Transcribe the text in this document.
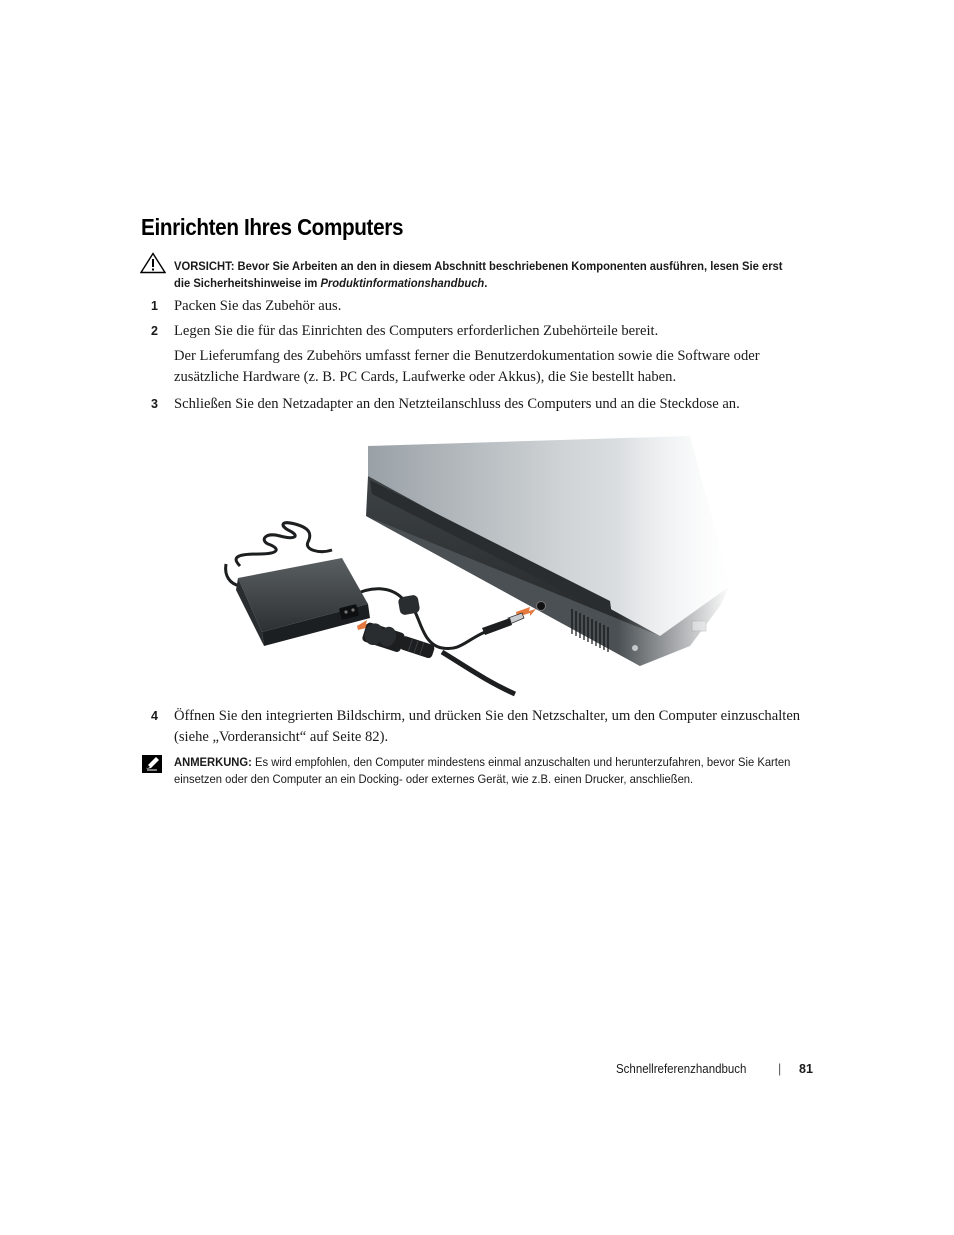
Einrichten Ihres Computers
VORSICHT: Bevor Sie Arbeiten an den in diesem Abschnitt beschriebenen Komponenten ausführen, lesen Sie erst die Sicherheitshinweise im Produktinformationshandbuch.
1 Packen Sie das Zubehör aus.
2 Legen Sie die für das Einrichten des Computers erforderlichen Zubehörteile bereit.
Der Lieferumfang des Zubehörs umfasst ferner die Benutzerdokumentation sowie die Software oder zusätzliche Hardware (z. B. PC Cards, Laufwerke oder Akkus), die Sie bestellt haben.
3 Schließen Sie den Netzadapter an den Netzteilanschluss des Computers und an die Steckdose an.
4 Öffnen Sie den integrierten Bildschirm, und drücken Sie den Netzschalter, um den Computer einzuschalten (siehe „Vorderansicht“ auf Seite 82).
ANMERKUNG: Es wird empfohlen, den Computer mindestens einmal anzuschalten und herunterzufahren, bevor Sie Karten einsetzen oder den Computer an ein Docking- oder externes Gerät, wie z.B. einen Drucker, anschließen.
Schnellreferenzhandbuch	| 81
